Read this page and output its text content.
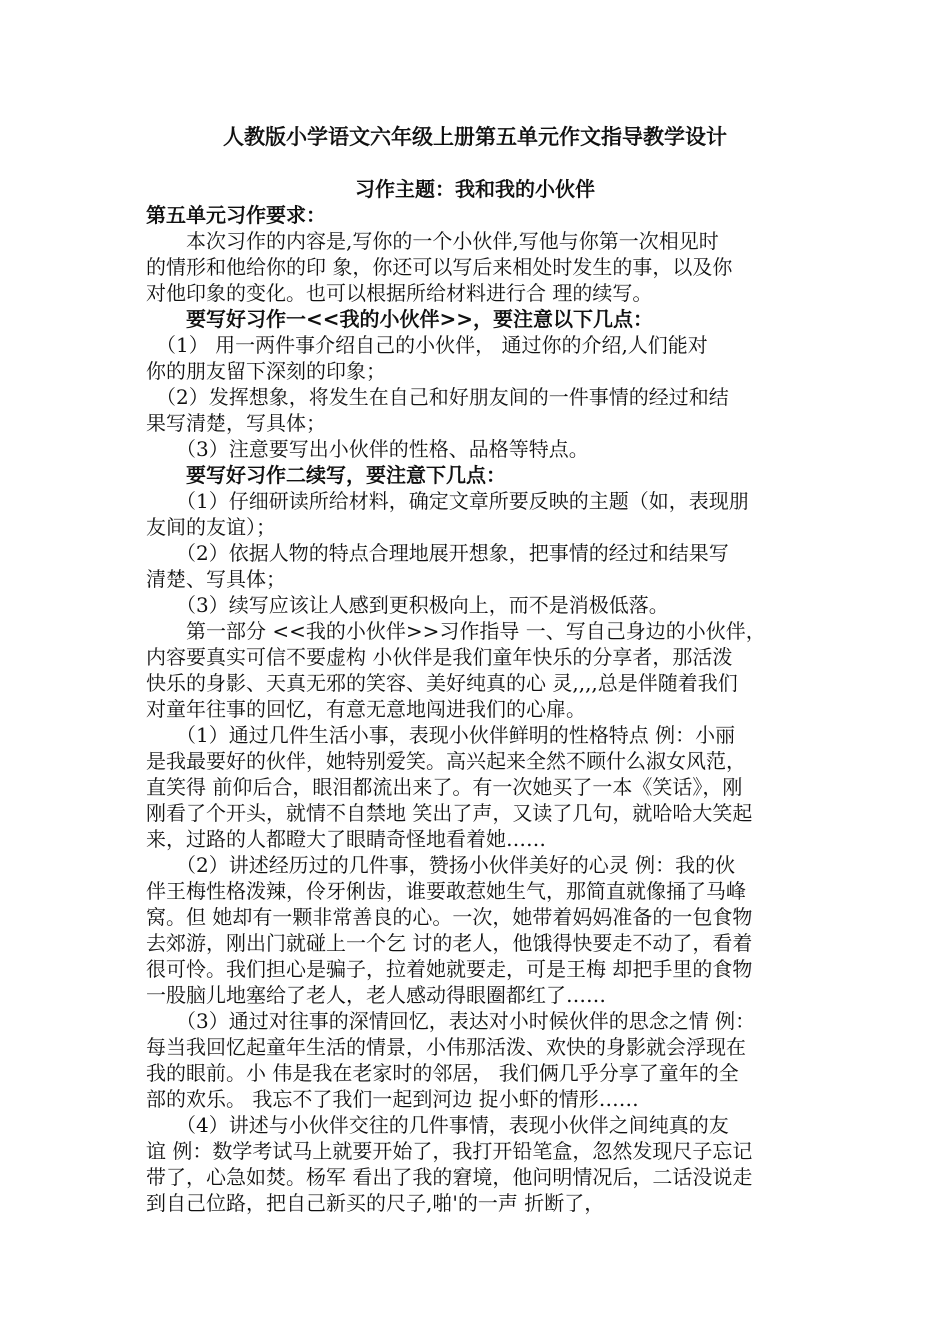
人教版小学语文六年级上册第五单元作文指导教学设计
习作主题：我和我的小伙伴
第五单元习作要求：
　　本次习作的内容是,写你的一个小伙伴,写他与你第一次相见时
的情形和他给你的印 象，你还可以写后来相处时发生的事，以及你
对他印象的变化。也可以根据所给材料进行合 理的续写。
　　要写好习作一<<我的小伙伴>>，要注意以下几点：
　（1） 用一两件事介绍自己的小伙伴， 通过你的介绍,人们能对
你的朋友留下深刻的印象；
　（2）发挥想象，将发生在自己和好朋友间的一件事情的经过和结
果写清楚，写具体；
　　（3）注意要写出小伙伴的性格、品格等特点。
　　要写好习作二续写，要注意下几点：
　　（1）仔细研读所给材料，确定文章所要反映的主题（如，表现朋
友间的友谊）；
　　（2）依据人物的特点合理地展开想象，把事情的经过和结果写
清楚、写具体；
　　（3）续写应该让人感到更积极向上，而不是消极低落。
　　第一部分 <<我的小伙伴>>习作指导 一、写自己身边的小伙伴，
内容要真实可信不要虚构 小伙伴是我们童年快乐的分享者，那活泼
快乐的身影、天真无邪的笑容、美好纯真的心 灵,,,,总是伴随着我们
对童年往事的回忆，有意无意地闯进我们的心扉。
　　（1）通过几件生活小事，表现小伙伴鲜明的性格特点 例：小丽
是我最要好的伙伴，她特别爱笑。高兴起来全然不顾什么淑女风范，
直笑得 前仰后合，眼泪都流出来了。有一次她买了一本《笑话》，刚
刚看了个开头，就情不自禁地 笑出了声，又读了几句，就哈哈大笑起
来，过路的人都瞪大了眼睛奇怪地看着她……
　　（2）讲述经历过的几件事，赞扬小伙伴美好的心灵 例：我的伙
伴王梅性格泼辣，伶牙俐齿，谁要敢惹她生气，那简直就像捅了马峰
窝。但 她却有一颗非常善良的心。一次，她带着妈妈准备的一包食物
去郊游，刚出门就碰上一个乞 讨的老人，他饿得快要走不动了，看着
很可怜。我们担心是骗子，拉着她就要走，可是王梅 却把手里的食物
一股脑儿地塞给了老人，老人感动得眼圈都红了……
　　（3）通过对往事的深情回忆，表达对小时候伙伴的思念之情 例：
每当我回忆起童年生活的情景，小伟那活泼、欢快的身影就会浮现在
我的眼前。小 伟是我在老家时的邻居， 我们俩几乎分享了童年的全
部的欢乐。 我忘不了我们一起到河边 捉小虾的情形……
　　（4）讲述与小伙伴交往的几件事情，表现小伙伴之间纯真的友
谊 例：数学考试马上就要开始了，我打开铅笔盒，忽然发现尺子忘记
带了，心急如焚。杨军 看出了我的窘境，他问明情况后，二话没说走
到自己位路，把自己新买的尺子,啪'的一声 折断了，
